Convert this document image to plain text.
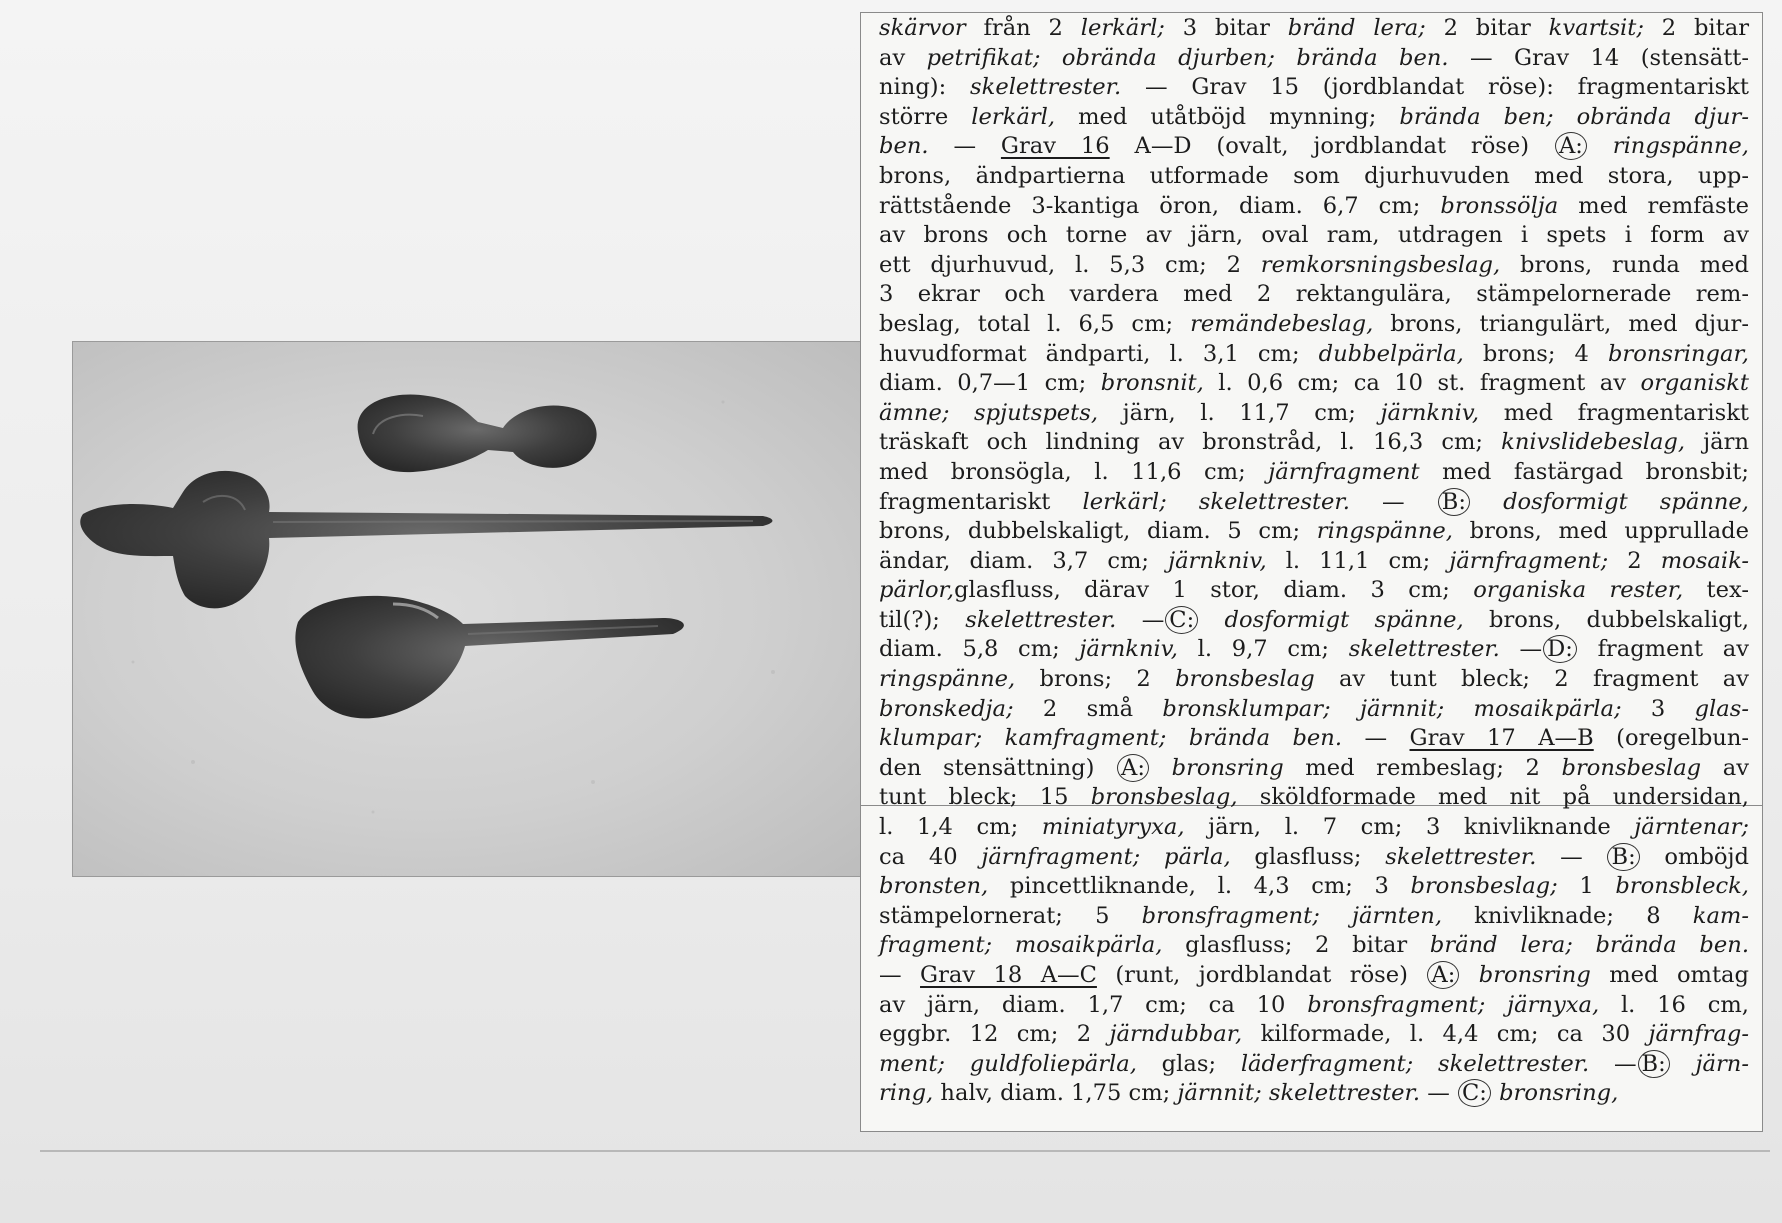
skärvor från 2 lerkärl; 3 bitar bränd lera; 2 bitar kvartsit; 2 bitar
av petrifikat; obrända djurben; brända ben. — Grav 14 (stensätt-
ning): skelettrester. — Grav 15 (jordblandat röse): fragmentariskt
större lerkärl, med utåtböjd mynning; brända ben; obrända djur-
ben. — Grav 16 A—D (ovalt, jordblandat röse) A: ringspänne,
brons, ändpartierna utformade som djurhuvuden med stora, upp-
rättstående 3-kantiga öron, diam. 6,7 cm; bronssölja med remfäste
av brons och torne av järn, oval ram, utdragen i spets i form av
ett djurhuvud, l. 5,3 cm; 2 remkorsningsbeslag, brons, runda med
3 ekrar och vardera med 2 rektangulära, stämpelornerade rem-
beslag, total l. 6,5 cm; remändebeslag, brons, triangulärt, med djur-
huvudformat ändparti, l. 3,1 cm; dubbelpärla, brons; 4 bronsringar,
diam. 0,7—1 cm; bronsnit, l. 0,6 cm; ca 10 st. fragment av organiskt
ämne; spjutspets, järn, l. 11,7 cm; järnkniv, med fragmentariskt
träskaft och lindning av bronstråd, l. 16,3 cm; knivslidebeslag, järn
med bronsögla, l. 11,6 cm; järnfragment med fastärgad bronsbit;
fragmentariskt lerkärl; skelettrester. — B: dosformigt spänne,
brons, dubbelskaligt, diam. 5 cm; ringspänne, brons, med upprullade
ändar, diam. 3,7 cm; järnkniv, l. 11,1 cm; järnfragment; 2 mosaik-
pärlor,glasfluss, därav 1 stor, diam. 3 cm; organiska rester, tex-
til(?); skelettrester. — C: dosformigt spänne, brons, dubbelskaligt,
diam. 5,8 cm; järnkniv, l. 9,7 cm; skelettrester. — D: fragment av
ringspänne, brons; 2 bronsbeslag av tunt bleck; 2 fragment av
bronskedja; 2 små bronsklumpar; järnnit; mosaikpärla; 3 glas-
klumpar; kamfragment; brända ben. — Grav 17 A—B (oregelbun-
den stensättning) A: bronsring med rembeslag; 2 bronsbeslag av
tunt bleck; 15 bronsbeslag, sköldformade med nit på undersidan,
l. 1,4 cm; miniatyryxa, järn, l. 7 cm; 3 knivliknande järntenar;
ca 40 järnfragment; pärla, glasfluss; skelettrester. — B: omböjd
bronsten, pincettliknande, l. 4,3 cm; 3 bronsbeslag; 1 bronsbleck,
stämpelornerat; 5 bronsfragment; järnten, knivliknade; 8 kam-
fragment; mosaikpärla, glasfluss; 2 bitar bränd lera; brända ben.
— Grav 18 A—C (runt, jordblandat röse) A: bronsring med omtag
av järn, diam. 1,7 cm; ca 10 bronsfragment; järnyxa, l. 16 cm,
eggbr. 12 cm; 2 järndubbar, kilformade, l. 4,4 cm; ca 30 järnfrag-
ment; guldfoliepärla, glas; läderfragment; skelettrester. — B: järn-
ring, halv, diam. 1,75 cm; järnnit; skelettrester. — C: bronsring,
